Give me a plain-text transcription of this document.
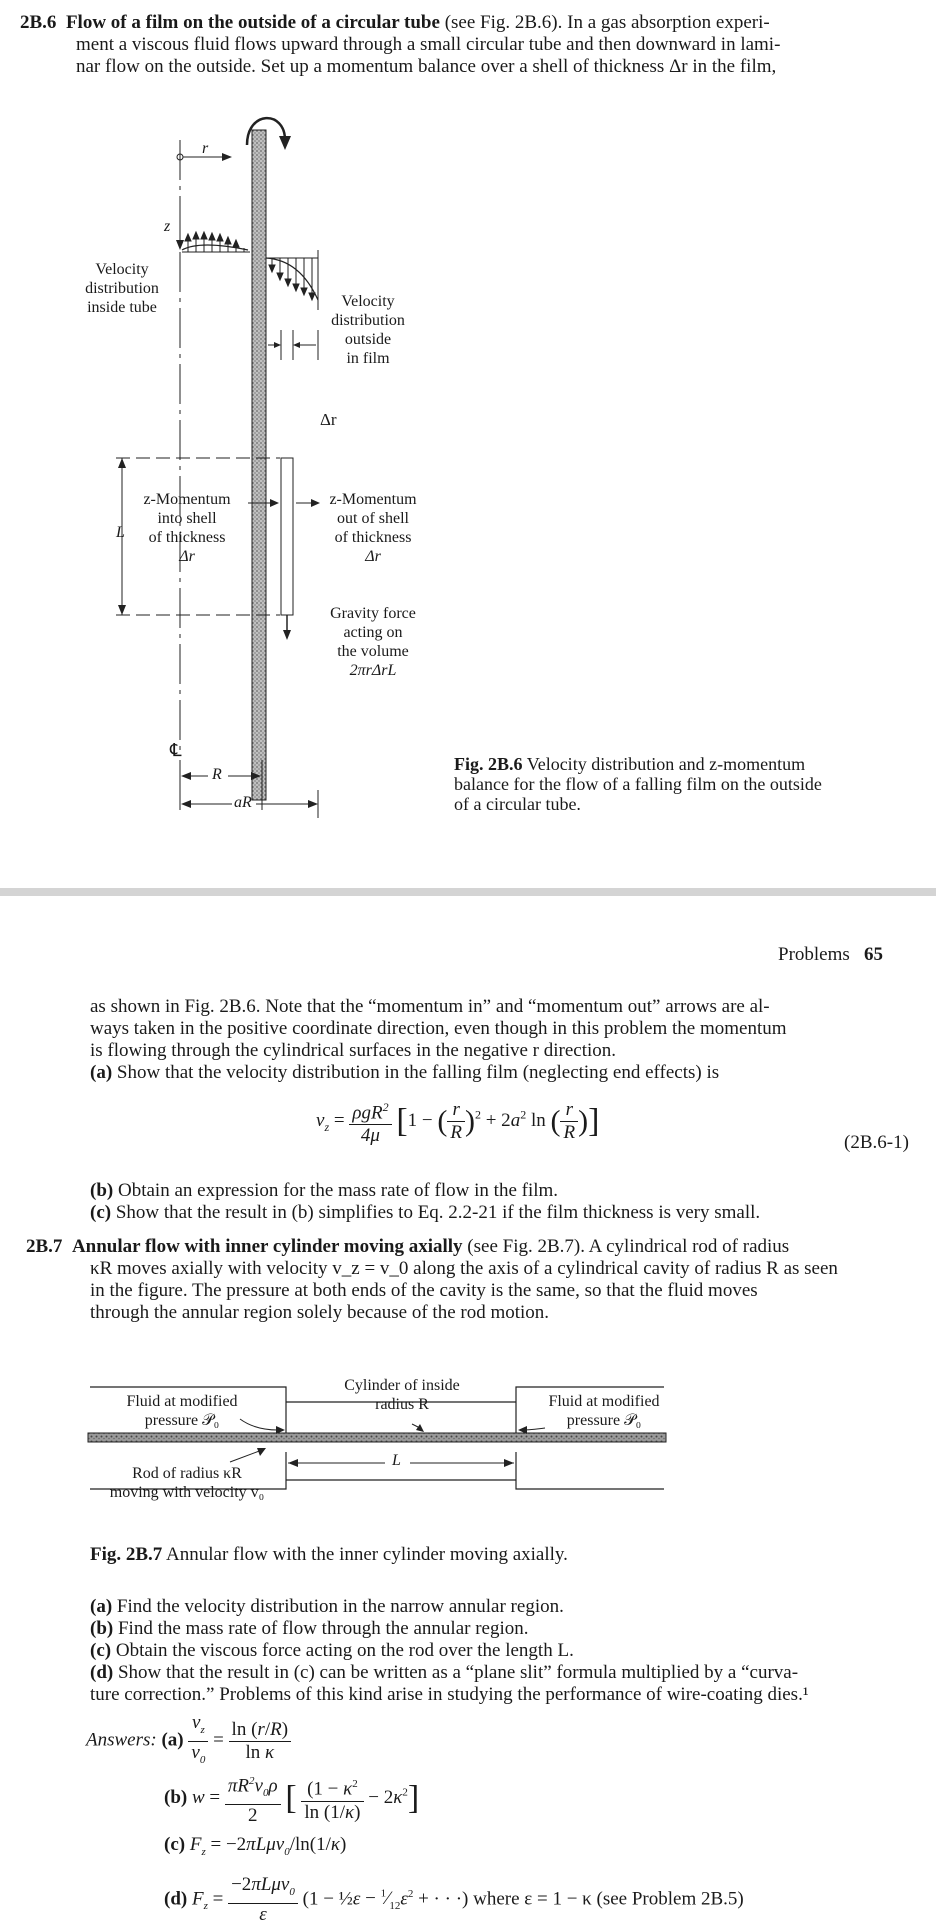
2B.6 Flow of a film on the outside of a circular tube (see Fig. 2B.6). In a gas absorption experi-
ment a viscous fluid flows upward through a small circular tube and then downward in lami-
nar flow on the outside. Set up a momentum balance over a shell of thickness Δr in the film,
r
z
Velocity
distribution
inside tube	Velocity
distribution
outside
in film
Δr
z-Momentum
into shell
of thickness
Δr
z-Momentum
out of shell
of thickness
Δr
L
Gravity force
acting on
the volume
2πrΔrL
℄
R
aR
Fig. 2B.6 Velocity distribution and z-momentum
balance for the flow of a falling film on the outside
of a circular tube.
Problems 65
as shown in Fig. 2B.6. Note that the “momentum in” and “momentum out” arrows are al-
ways taken in the positive coordinate direction, even though in this problem the momentum
is flowing through the cylindrical surfaces in the negative r direction.
(a) Show that the velocity distribution in the falling film (neglecting end effects) is
$v_z = \frac{\rho gR^2}{4\mu} [1$ − ( $\frac{r}{R} )^2 + 2a^2$ ln ( $\frac{r}{R}$ )]
(2B.6-1)
(b) Obtain an expression for the mass rate of flow in the film.
(c) Show that the result in (b) simplifies to Eq. 2.2-21 if the film thickness is very small.
2B.7 Annular flow with inner cylinder moving axially (see Fig. 2B.7). A cylindrical rod of radius
κR moves axially with velocity v_z = v_0 along the axis of a cylindrical cavity of radius R as seen
in the figure. The pressure at both ends of the cavity is the same, so that the fluid moves
through the annular region solely because of the rod motion.
Fluid at modified
pressure 𝒫₀
Cylinder of inside
radius R	Fluid at modified
pressure 𝒫₀
Rod of radius κR
moving with velocity v₀
L
Fig. 2B.7 Annular flow with the inner cylinder moving axially.
(a) Find the velocity distribution in the narrow annular region.
(b) Find the mass rate of flow through the annular region.
(c) Obtain the viscous force acting on the rod over the length L.
(d) Show that the result in (c) can be written as a “plane slit” formula multiplied by a “curva-
ture correction.” Problems of this kind arise in studying the performance of wire-coating dies.¹
Answers: $(a) \frac{v_z}{v_0} = \frac{\ln (r/R)}{\text{ln κ}}$
(b) $w = \frac{\pi R^2v_0\rho}{2}$ [ $\frac{(1 - \kappa^2}{\ln (1/\kappa)} - 2\kappa^2$]
(c) $F_z = -2\pi L\mu v_0/\ln(1/\kappa)$
(d) $F_z = \frac{-2\pi L\mu v_0}{\varepsilon} (1$ − ½ε − $^1⁄_{12}\varepsilon^2$ + · · ·) where ε = 1 − κ (see Problem 2B.5)
